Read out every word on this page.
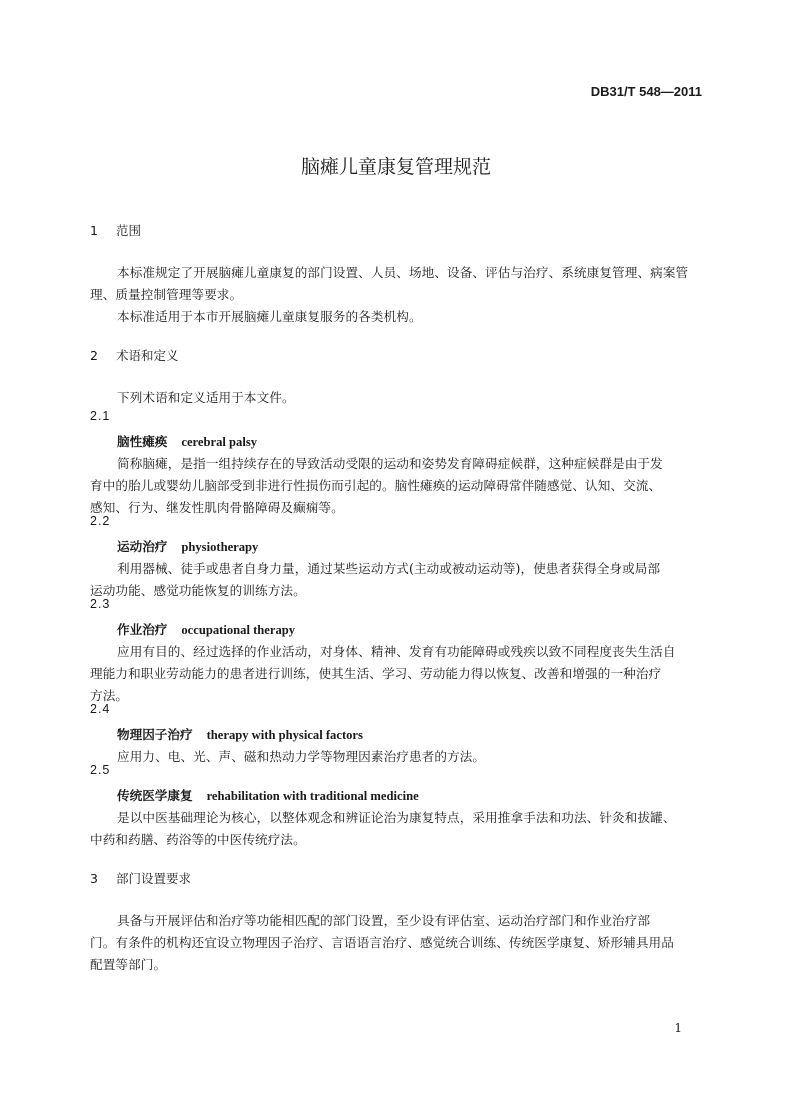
DB31/T 548—2011
脑瘫儿童康复管理规范
1 范围
本标准规定了开展脑瘫儿童康复的部门设置、人员、场地、设备、评估与治疗、系统康复管理、病案管
理、质量控制管理等要求。
本标准适用于本市开展脑瘫儿童康复服务的各类机构。
2 术语和定义
下列术语和定义适用于本文件。
2.1
脑性瘫痪 cerebral palsy
简称脑瘫，是指一组持续存在的导致活动受限的运动和姿势发育障碍症候群，这种症候群是由于发
育中的胎儿或婴幼儿脑部受到非进行性损伤而引起的。脑性瘫痪的运动障碍常伴随感觉、认知、交流、
感知、行为、继发性肌肉骨骼障碍及癫痫等。
2.2
运动治疗 physiotherapy
利用器械、徒手或患者自身力量，通过某些运动方式(主动或被动运动等)，使患者获得全身或局部
运动功能、感觉功能恢复的训练方法。
2.3
作业治疗 occupational therapy
应用有目的、经过选择的作业活动，对身体、精神、发育有功能障碍或残疾以致不同程度丧失生活自
理能力和职业劳动能力的患者进行训练，使其生活、学习、劳动能力得以恢复、改善和增强的一种治疗
方法。
2.4
物理因子治疗 therapy with physical factors
应用力、电、光、声、磁和热动力学等物理因素治疗患者的方法。
2.5
传统医学康复 rehabilitation with traditional medicine
是以中医基础理论为核心，以整体观念和辨证论治为康复特点，采用推拿手法和功法、针灸和拔罐、
中药和药膳、药浴等的中医传统疗法。
3 部门设置要求
具备与开展评估和治疗等功能相匹配的部门设置，至少设有评估室、运动治疗部门和作业治疗部
门。有条件的机构还宜设立物理因子治疗、言语语言治疗、感觉统合训练、传统医学康复、矫形辅具用品
配置等部门。
1
